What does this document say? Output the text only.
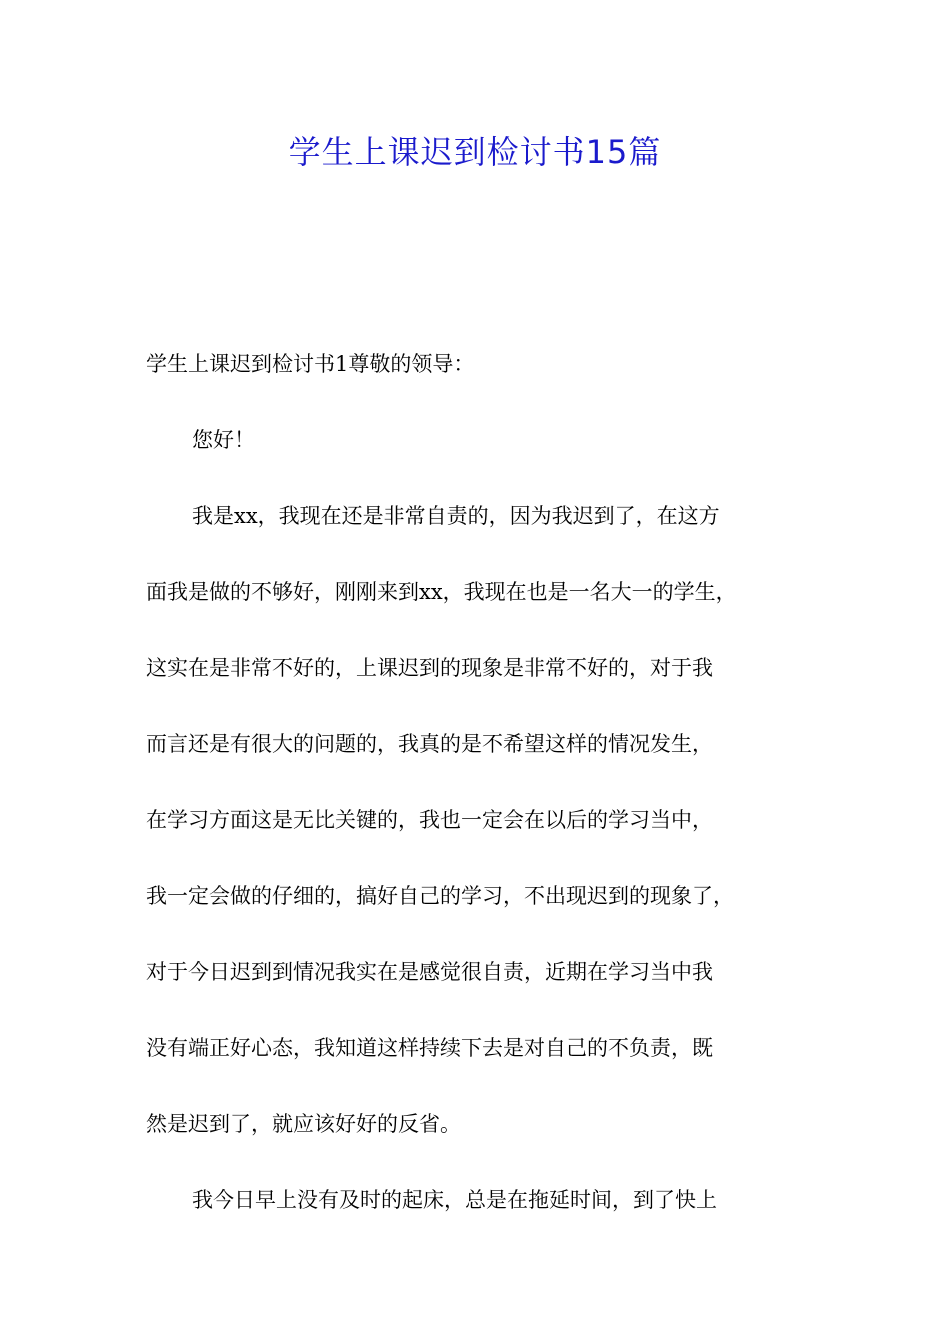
学生上课迟到检讨书15篇
学生上课迟到检讨书1尊敬的领导：
您好！
我是xx，我现在还是非常自责的，因为我迟到了，在这方
面我是做的不够好，刚刚来到xx，我现在也是一名大一的学生，
这实在是非常不好的，上课迟到的现象是非常不好的，对于我
而言还是有很大的问题的，我真的是不希望这样的情况发生，
在学习方面这是无比关键的，我也一定会在以后的学习当中，
我一定会做的仔细的，搞好自己的学习，不出现迟到的现象了，
对于今日迟到到情况我实在是感觉很自责，近期在学习当中我
没有端正好心态，我知道这样持续下去是对自己的不负责，既
然是迟到了，就应该好好的反省。
我今日早上没有及时的起床，总是在拖延时间，到了快上
